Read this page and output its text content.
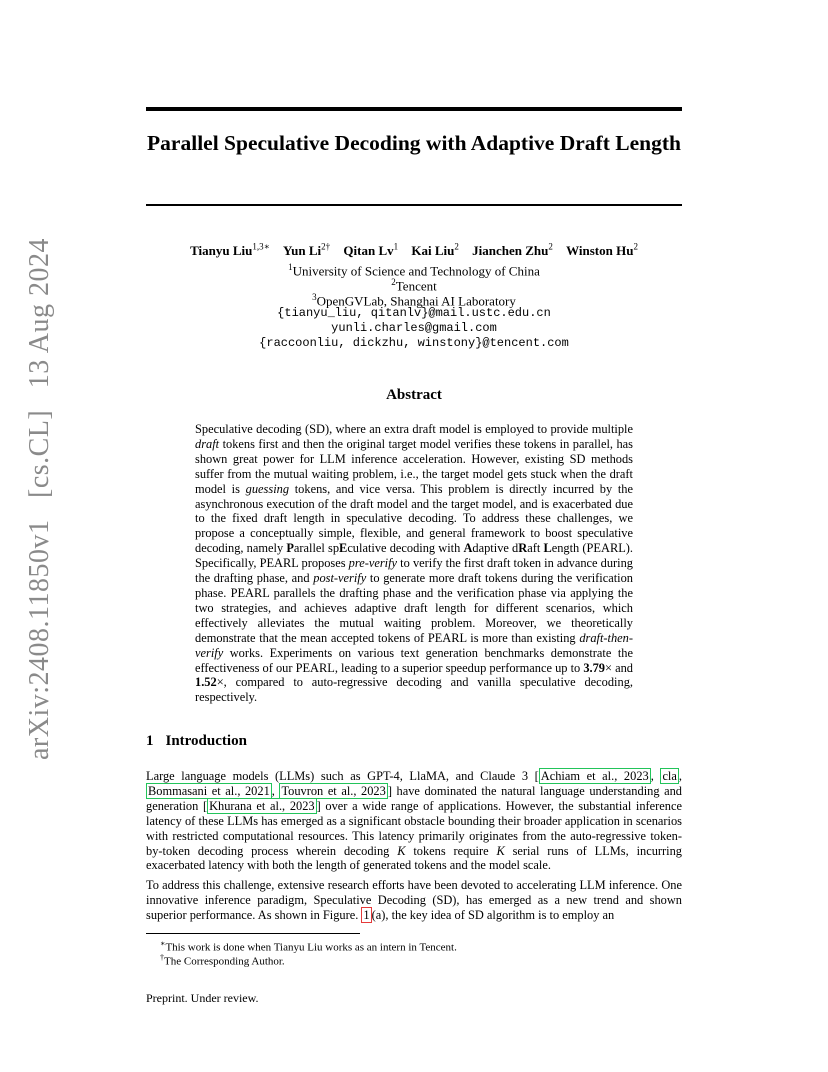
arXiv:2408.11850v1 [cs.CL] 13 Aug 2024
Parallel Speculative Decoding with Adaptive Draft Length
Tianyu Liu$^{1,3∗}$ Yun $Li^{2\dagger}$ Qitan Lv$^1$ Kai Liu$^2$ Jianchen Zhu$^2$ Winston Hu$^2$
$^1$University of Science and Technology of China
$^2$Tencent
$^3$OpenGVLab, Shanghai AI Laboratory
{tianyu_liu, qitanlv}@mail.ustc.edu.cn
yunli.charles@gmail.com
{raccoonliu, dickzhu, winstony}@tencent.com
Abstract
Speculative decoding (SD), where an extra draft model is employed to provide multiple draft tokens first and then the original target model verifies these tokens in parallel, has shown great power for LLM inference acceleration. However, existing SD methods suffer from the mutual waiting problem, i.e., the target model gets stuck when the draft model is guessing tokens, and vice versa. This problem is directly incurred by the asynchronous execution of the draft model and the target model, and is exacerbated due to the fixed draft length in speculative decoding. To address these challenges, we propose a conceptually simple, flexible, and general framework to boost speculative decoding, namely Parallel spEculative decoding with Adaptive dRaft Length (PEARL). Specifically, PEARL proposes pre-verify to verify the first draft token in advance during the drafting phase, and post-verify to generate more draft tokens during the verification phase. PEARL parallels the drafting phase and the verification phase via applying the two strategies, and achieves adaptive draft length for different scenarios, which effectively alleviates the mutual waiting problem. Moreover, we theoretically demonstrate that the mean accepted tokens of PEARL is more than existing draft-then-verify works. Experiments on various text generation benchmarks demonstrate the effectiveness of our PEARL, leading to a superior speedup performance up to 3.79× and 1.52×, compared to auto-regressive decoding and vanilla speculative decoding, respectively.
1 Introduction
Large language models (LLMs) such as GPT-4, LlaMA, and Claude 3 [ Achiam et al., 2023 , cla , Bommasani et al., 2021 , Touvron et al., 2023 ] have dominated the natural language understanding and generation [ Khurana et al., 2023 ] over a wide range of applications. However, the substantial inference latency of these LLMs has emerged as a significant obstacle bounding their broader application in scenarios with restricted computational resources. This latency primarily originates from the auto-regressive token-by-token decoding process wherein decoding K tokens require K serial runs of LLMs, incurring exacerbated latency with both the length of generated tokens and the model scale.
To address this challenge, extensive research efforts have been devoted to accelerating LLM inference. One innovative inference paradigm, Speculative Decoding (SD), has emerged as a new trend and shown superior performance. As shown in Figure. 1 (a), the key idea of SD algorithm is to employ an
∗This work is done when Tianyu Liu works as an intern in Tencent.
†The Corresponding Author.
Preprint. Under review.
